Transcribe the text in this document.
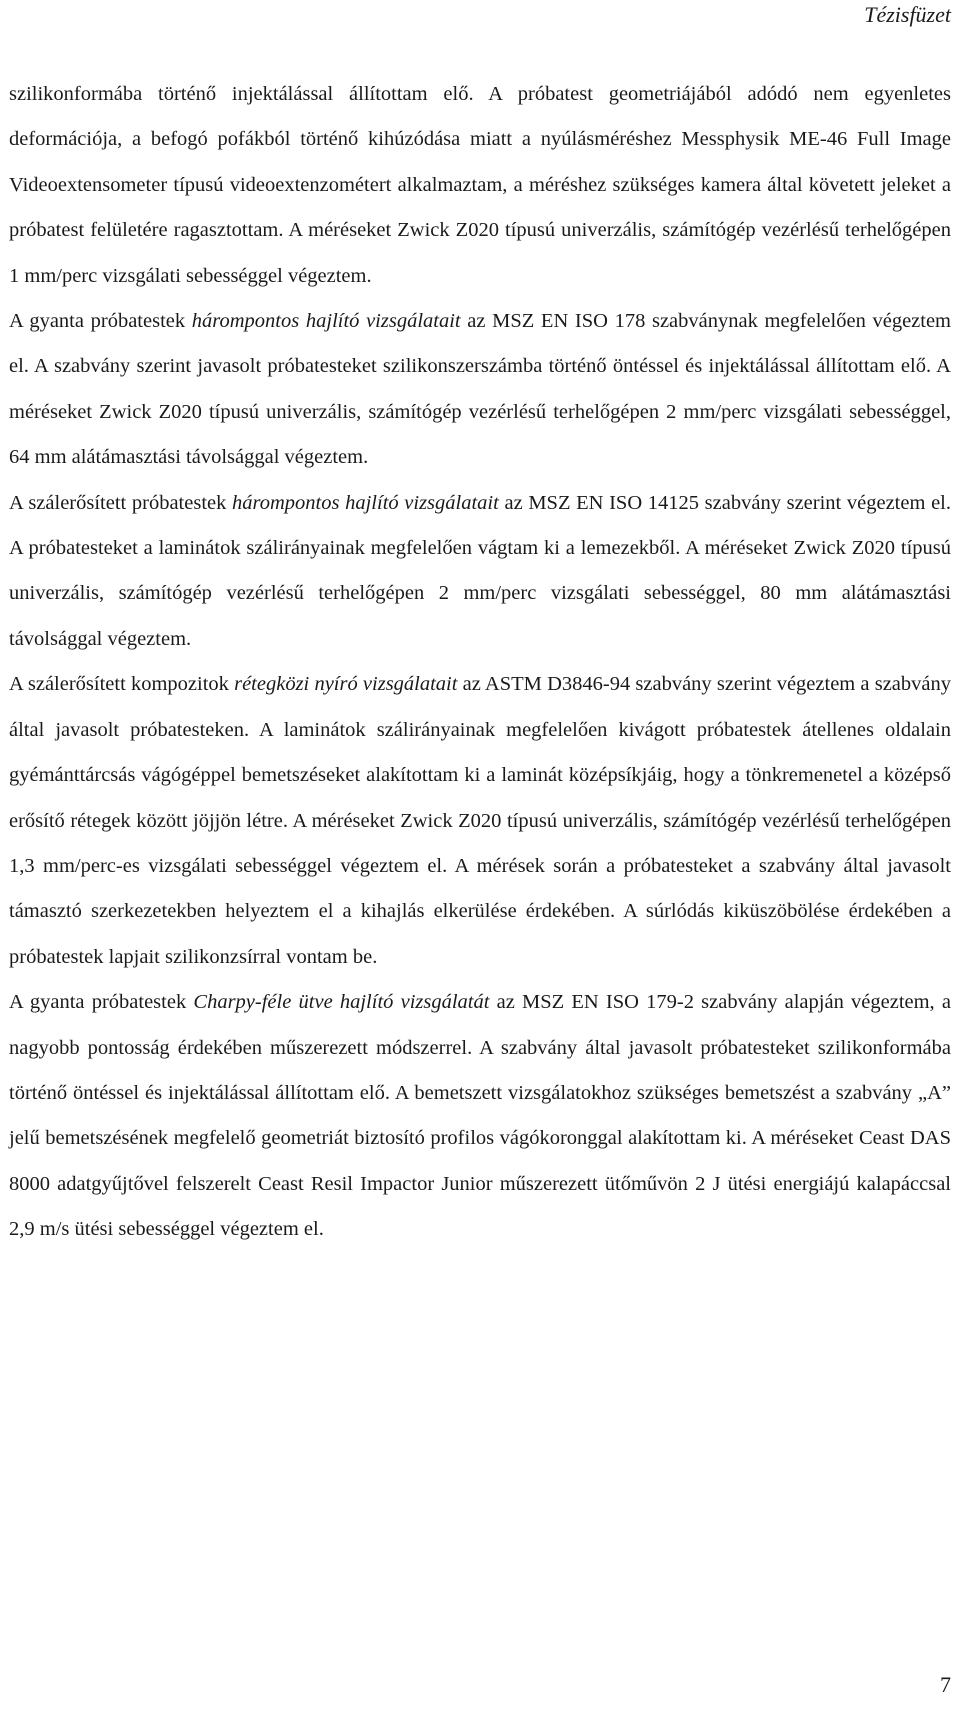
Tézisfüzet

szilikonformába történő injektálással állítottam elő. A próbatest geometriájából adódó nem egyenletes deformációja, a befogó pofákból történő kihúzódása miatt a nyúlásméréshez Messphysik ME-46 Full Image Videoextensometer típusú videoextenzométert alkalmaztam, a méréshez szükséges kamera által követett jeleket a próbatest felületére ragasztottam. A méréseket Zwick Z020 típusú univerzális, számítógép vezérlésű terhelőgépen 1 mm/perc vizsgálati sebességgel végeztem.

A gyanta próbatestek hárompontos hajlító vizsgálatait az MSZ EN ISO 178 szabványnak megfelelően végeztem el. A szabvány szerint javasolt próbatesteket szilikonszerszámba történő öntéssel és injektálással állítottam elő. A méréseket Zwick Z020 típusú univerzális, számítógép vezérlésű terhelőgépen 2 mm/perc vizsgálati sebességgel, 64 mm alátámasztási távolsággal végeztem.

A szálerősített próbatestek hárompontos hajlító vizsgálatait az MSZ EN ISO 14125 szabvány szerint végeztem el. A próbatesteket a laminátok szálirányainak megfelelően vágtam ki a lemezekből. A méréseket Zwick Z020 típusú univerzális, számítógép vezérlésű terhelőgépen 2 mm/perc vizsgálati sebességgel, 80 mm alátámasztási távolsággal végeztem.

A szálerősített kompozitok rétegközi nyíró vizsgálatait az ASTM D3846-94 szabvány szerint végeztem a szabvány által javasolt próbatesteken. A laminátok szálirányainak megfelelően kivágott próbatestek átellenes oldalain gyémánttárcsás vágógéppel bemetszéseket alakítottam ki a laminát középsíkjáig, hogy a tönkremenetel a középső erősítő rétegek között jöjjön létre. A méréseket Zwick Z020 típusú univerzális, számítógép vezérlésű terhelőgépen 1,3 mm/perc-es vizsgálati sebességgel végeztem el. A mérések során a próbatesteket a szabvány által javasolt támasztó szerkezetekben helyeztem el a kihajlás elkerülése érdekében. A súrlódás kiküszöbölése érdekében a próbatestek lapjait szilikonzsírral vontam be.

A gyanta próbatestek Charpy-féle ütve hajlító vizsgálatát az MSZ EN ISO 179-2 szabvány alapján végeztem, a nagyobb pontosság érdekében műszerezett módszerrel. A szabvány által javasolt próbatesteket szilikonformába történő öntéssel és injektálással állítottam elő. A bemetszett vizsgálatokhoz szükséges bemetszést a szabvány „A” jelű bemetszésének megfelelő geometriát biztosító profilos vágókoronggal alakítottam ki. A méréseket Ceast DAS 8000 adatgyűjtővel felszerelt Ceast Resil Impactor Junior műszerezett ütőművön 2 J ütési energiájú kalapáccsal 2,9 m/s ütési sebességgel végeztem el.

7
